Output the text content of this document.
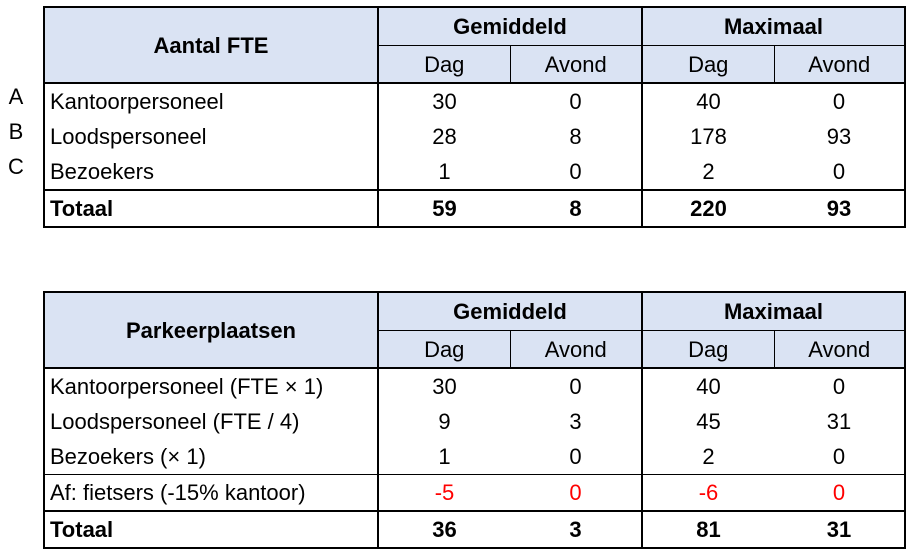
A
B
C
Aantal FTE	Gemiddeld		Maximaal	
	Dag	Avond	Dag	Avond
Kantoorpersoneel	30	0	40	0
Loodspersoneel	28	8	178	93
Bezoekers	1	0	2	0
Totaal	59	8	220	93
Parkeerplaatsen	Gemiddeld		Maximaal	
	Dag	Avond	Dag	Avond
Kantoorpersoneel (FTE × 1)	30	0	40	0
Loodspersoneel (FTE / 4)	9	3	45	31
Bezoekers (× 1)	1	0	2	0
Af: fietsers (-15% kantoor)	-5	0	-6	0
Totaal	36	3	81	31
